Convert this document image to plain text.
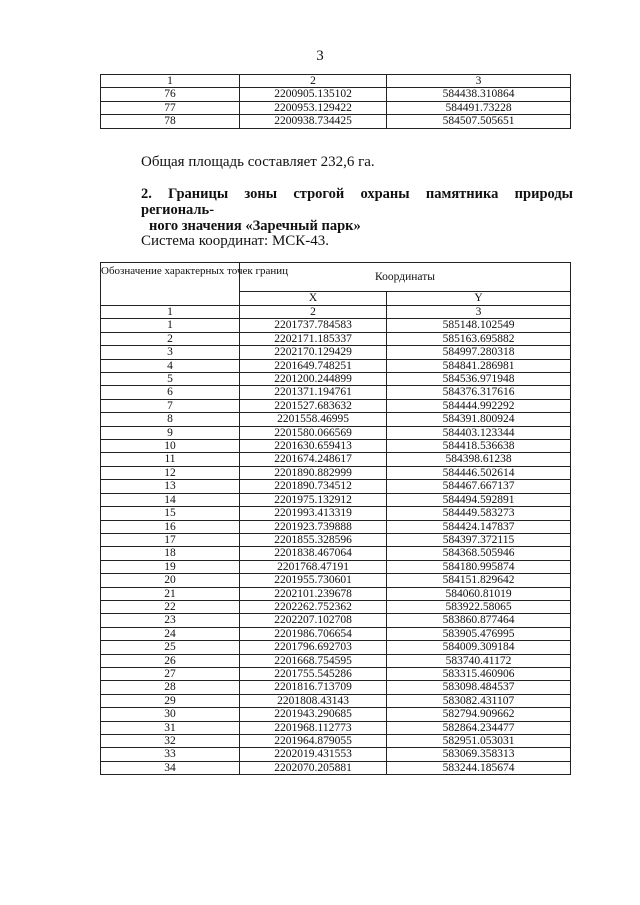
3
1	2	3
76	2200905.135102	584438.310864
77	2200953.129422	584491.73228
78	2200938.734425	584507.505651
Общая площадь составляет 232,6 га.
2. Границы зоны строгой охраны памятника природы региональ-
ного значения «Заречный парк»
Система координат: МСК-43.
Обозначение характерных точек границ	Координаты	
	X	Y
1	2	3
1	2201737.784583	585148.102549
2	2202171.185337	585163.695882
3	2202170.129429	584997.280318
4	2201649.748251	584841.286981
5	2201200.244899	584536.971948
6	2201371.194761	584376.317616
7	2201527.683632	584444.992292
8	2201558.46995	584391.800924
9	2201580.066569	584403.123344
10	2201630.659413	584418.536638
11	2201674.248617	584398.61238
12	2201890.882999	584446.502614
13	2201890.734512	584467.667137
14	2201975.132912	584494.592891
15	2201993.413319	584449.583273
16	2201923.739888	584424.147837
17	2201855.328596	584397.372115
18	2201838.467064	584368.505946
19	2201768.47191	584180.995874
20	2201955.730601	584151.829642
21	2202101.239678	584060.81019
22	2202262.752362	583922.58065
23	2202207.102708	583860.877464
24	2201986.706654	583905.476995
25	2201796.692703	584009.309184
26	2201668.754595	583740.41172
27	2201755.545286	583315.460906
28	2201816.713709	583098.484537
29	2201808.43143	583082.431107
30	2201943.290685	582794.909662
31	2201968.112773	582864.234477
32	2201964.879055	582951.053031
33	2202019.431553	583069.358313
34	2202070.205881	583244.185674
